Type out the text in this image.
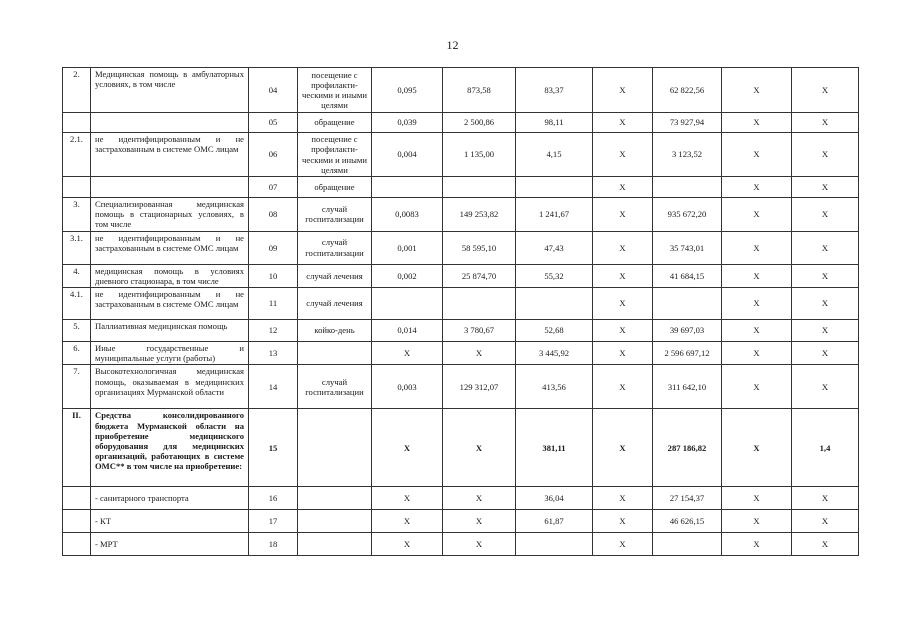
12
2.	Медицинская помощь в амбулаторных условиях, в том числе	04	посещение с профилакти-ческими и иными целями	0,095	873,58	83,37	Х	62 822,56	Х	Х
		05	обращение	0,039	2 500,86	98,11	Х	73 927,94	Х	Х
2.1.	не идентифицированным и не застрахованным в системе ОМС лицам	06	посещение с профилакти-ческими и иными целями	0,004	1 135,00	4,15	Х	3 123,52	Х	Х
		07	обращение				Х		Х	Х
3.	Специализированная медицинская помощь в стационарных условиях, в том числе	08	случай госпитализации	0,0083	149 253,82	1 241,67	Х	935 672,20	Х	Х
3.1.	не идентифицированным и не застрахованным в системе ОМС лицам	09	случай госпитализации	0,001	58 595,10	47,43	Х	35 743,01	Х	Х
4.	медицинская помощь в условиях дневного стационара, в том числе	10	случай лечения	0,002	25 874,70	55,32	Х	41 684,15	Х	Х
4.1.	не идентифицированным и не застрахованным в системе ОМС лицам	11	случай лечения				Х		Х	Х
5.	Паллиативная медицинская помощь	12	койко-день	0,014	3 780,67	52,68	Х	39 697,03	Х	Х
6.	Иные государственные и муниципальные услуги (работы)	13		Х	Х	3 445,92	Х	2 596 697,12	Х	Х
7.	Высокотехнологичная медицинская помощь, оказываемая в медицинских организациях Мурманской области	14	случай госпитализации	0,003	129 312,07	413,56	Х	311 642,10	Х	Х
II.	Средства консолидированного бюджета Мурманской области на приобретение медицинского оборудования для медицинских организаций, работающих в системе ОМС** в том числе на приобретение:	15		Х	Х	381,11	Х	287 186,82	Х	1,4
	- санитарного транспорта	16		Х	Х	36,04	Х	27 154,37	Х	Х
	- КТ	17		Х	Х	61,87	Х	46 626,15	Х	Х
	- МРТ	18		Х	Х		Х		Х	Х
